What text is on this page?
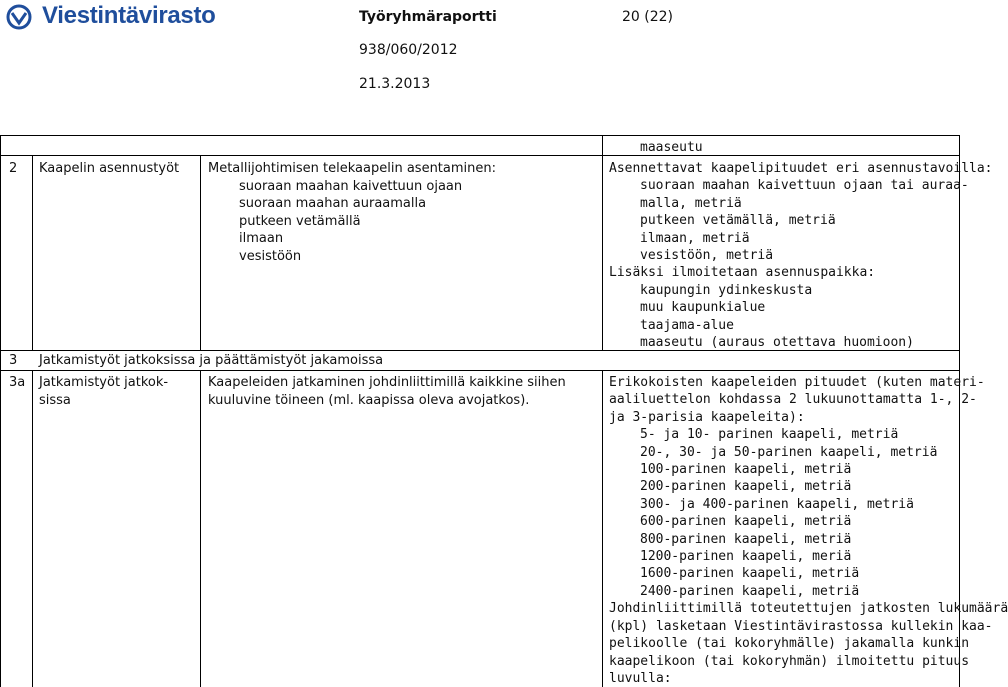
Viestintävirasto	Työryhmäraportti	20 (22)
938/060/2012
21.3.2013
2 Kaapelin asennustyöt Metallijohtimisen telekaapelin asentaminen:
suoraan maahan kaivettuun ojaan
suoraan maahan auraamalla
putkeen vetämällä
ilmaan
vesistöön
maaseutu
Asennettavat kaapelipituudet eri asennustavoilla:
suoraan maahan kaivettuun ojaan tai auraa-
malla, metriä
putkeen vetämällä, metriä
ilmaan, metriä
vesistöön, metriä
Lisäksi ilmoitetaan asennuspaikka:
kaupungin ydinkeskusta
muu kaupunkialue
taajama-alue
maaseutu (auraus otettava huomioon)
3 Jatkamistyöt jatkoksissa ja päättämistyöt jakamoissa
3a Jatkamistyöt jatkok-
sissa
Kaapeleiden jatkaminen johdinliittimillä kaikkine siihen
kuuluvine töineen (ml. kaapissa oleva avojatkos).
Erikokoisten kaapeleiden pituudet (kuten materi-
aaliluettelon kohdassa 2 lukuunottamatta 1-, 2-
ja 3-parisia kaapeleita):
5- ja 10- parinen kaapeli, metriä
20-, 30- ja 50-parinen kaapeli, metriä
100-parinen kaapeli, metriä
200-parinen kaapeli, metriä
300- ja 400-parinen kaapeli, metriä
600-parinen kaapeli, metriä
800-parinen kaapeli, metriä
1200-parinen kaapeli, meriä
1600-parinen kaapeli, metriä
2400-parinen kaapeli, metriä
Johdinliittimillä toteutettujen jatkosten lukumäärä
(kpl) lasketaan Viestintävirastossa kullekin kaa-
pelikoolle (tai kokoryhmälle) jakamalla kunkin
kaapelikoon (tai kokoryhmän) ilmoitettu pituus
luvulla:
